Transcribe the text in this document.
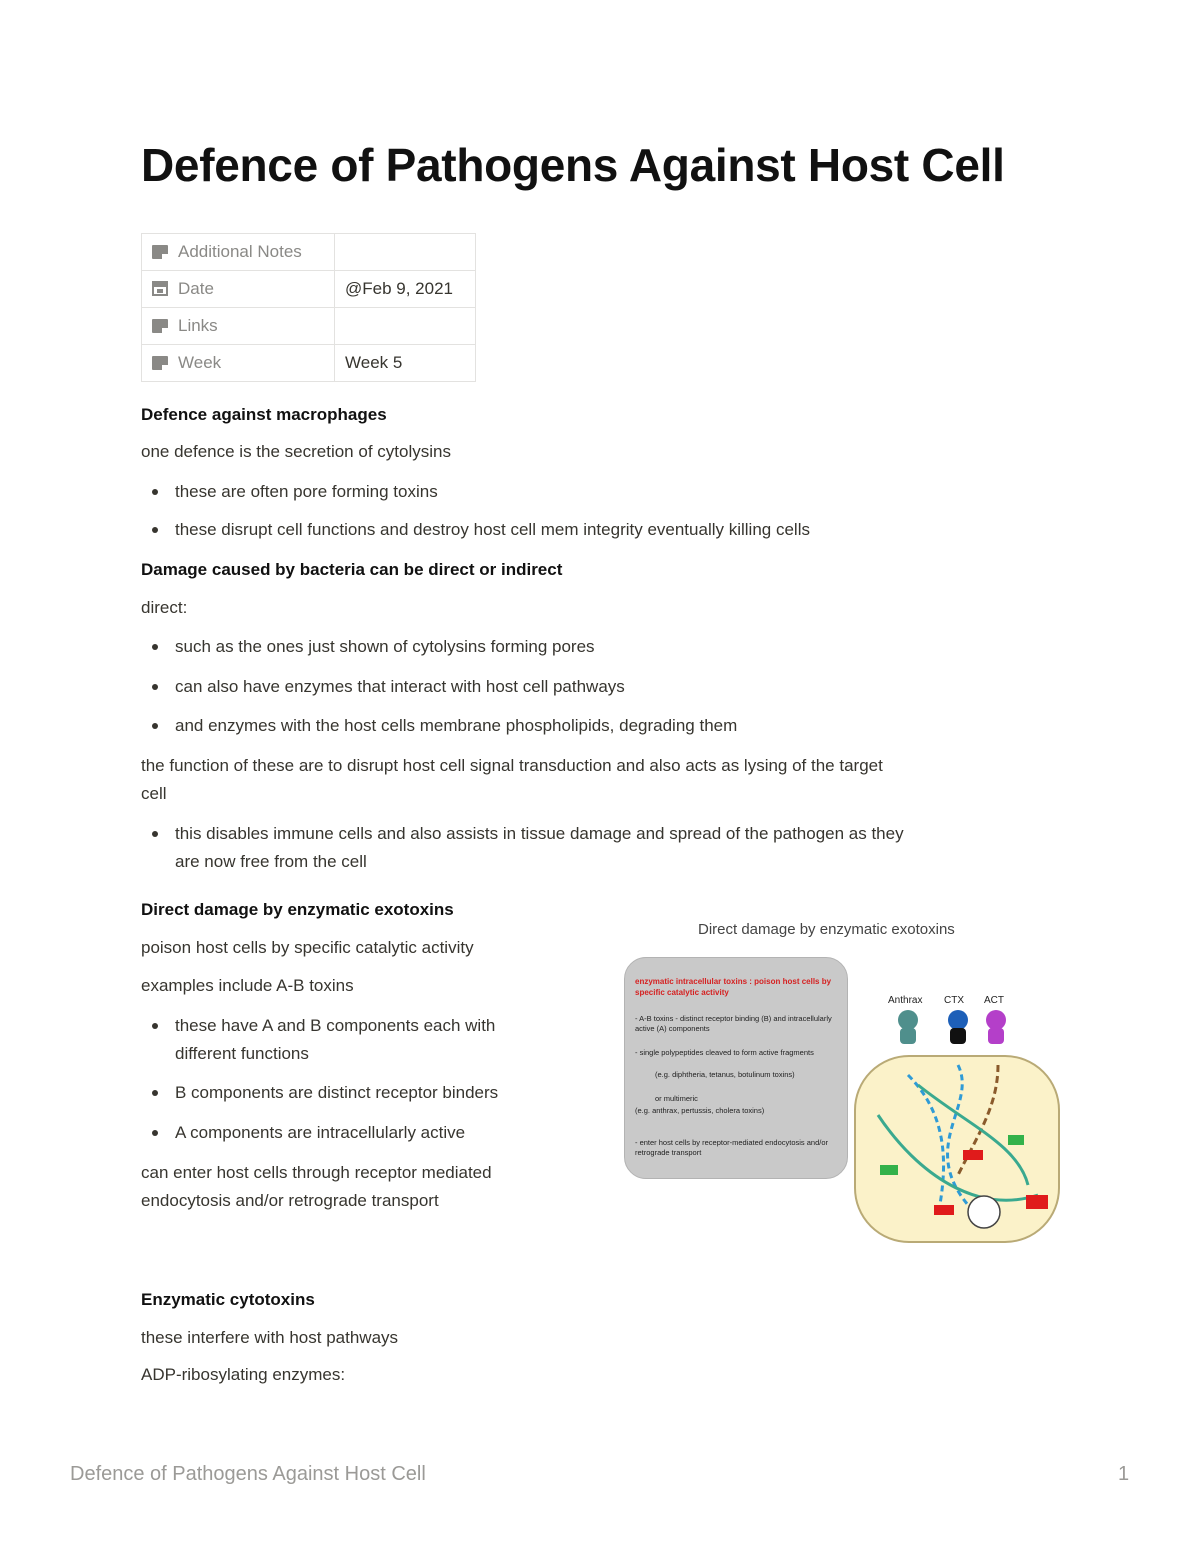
Defence of Pathogens Against Host Cell
Additional Notes	
Date	@Feb 9, 2021
Links	
Week	Week 5
Defence against macrophages
one defence is the secretion of cytolysins
these are often pore forming toxins
these disrupt cell functions and destroy host cell mem integrity eventually killing cells
Damage caused by bacteria can be direct or indirect
direct:
such as the ones just shown of cytolysins forming pores
can also have enzymes that interact with host cell pathways
and enzymes with the host cells membrane phospholipids, degrading them
the function of these are to disrupt host cell signal transduction and also acts as lysing of the target
cell
this disables immune cells and also assists in tissue damage and spread of the pathogen as they
are now free from the cell
Direct damage by enzymatic exotoxins
poison host cells by specific catalytic activity
examples include A-B toxins
these have A and B components each with
different functions
B components are distinct receptor binders
A components are intracellularly active
can enter host cells through receptor mediated
endocytosis and/or retrograde transport
Direct damage by enzymatic exotoxins
enzymatic intracellular toxins : poison host cells by specific catalytic activity
- A-B toxins - distinct receptor binding (B) and intracellularly active (A) components
- single polypeptides cleaved to form active fragments
(e.g. diphtheria, tetanus, botulinum toxins)
or multimeric
(e.g. anthrax, pertussis, cholera toxins)
- enter host cells by receptor-mediated endocytosis and/or retrograde transport
Anthrax CTX ACT
Enzymatic cytotoxins
these interfere with host pathways
ADP-ribosylating enzymes:
Defence of Pathogens Against Host Cell	1
